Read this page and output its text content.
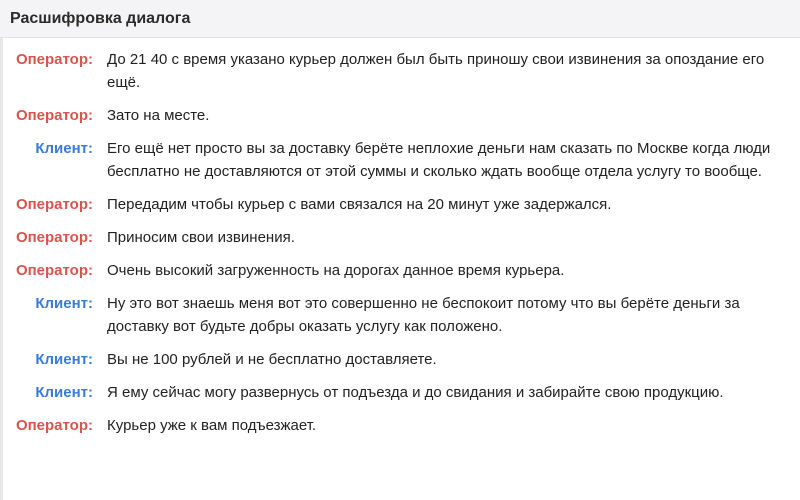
Расшифровка диалога
Оператор: До 21 40 с время указано курьер должен был быть приношу свои извинения за опоздание его ещё.
Оператор: Зато на месте.
Клиент: Его ещё нет просто вы за доставку берёте неплохие деньги нам сказать по Москве когда люди бесплатно не доставляются от этой суммы и сколько ждать вообще отдела услугу то вообще.
Оператор: Передадим чтобы курьер с вами связался на 20 минут уже задержался.
Оператор: Приносим свои извинения.
Оператор: Очень высокий загруженность на дорогах данное время курьера.
Клиент: Ну это вот знаешь меня вот это совершенно не беспокоит потому что вы берёте деньги за доставку вот будьте добры оказать услугу как положено.
Клиент: Вы не 100 рублей и не бесплатно доставляете.
Клиент: Я ему сейчас могу развернусь от подъезда и до свидания и забирайте свою продукцию.
Оператор: Курьер уже к вам подъезжает.
